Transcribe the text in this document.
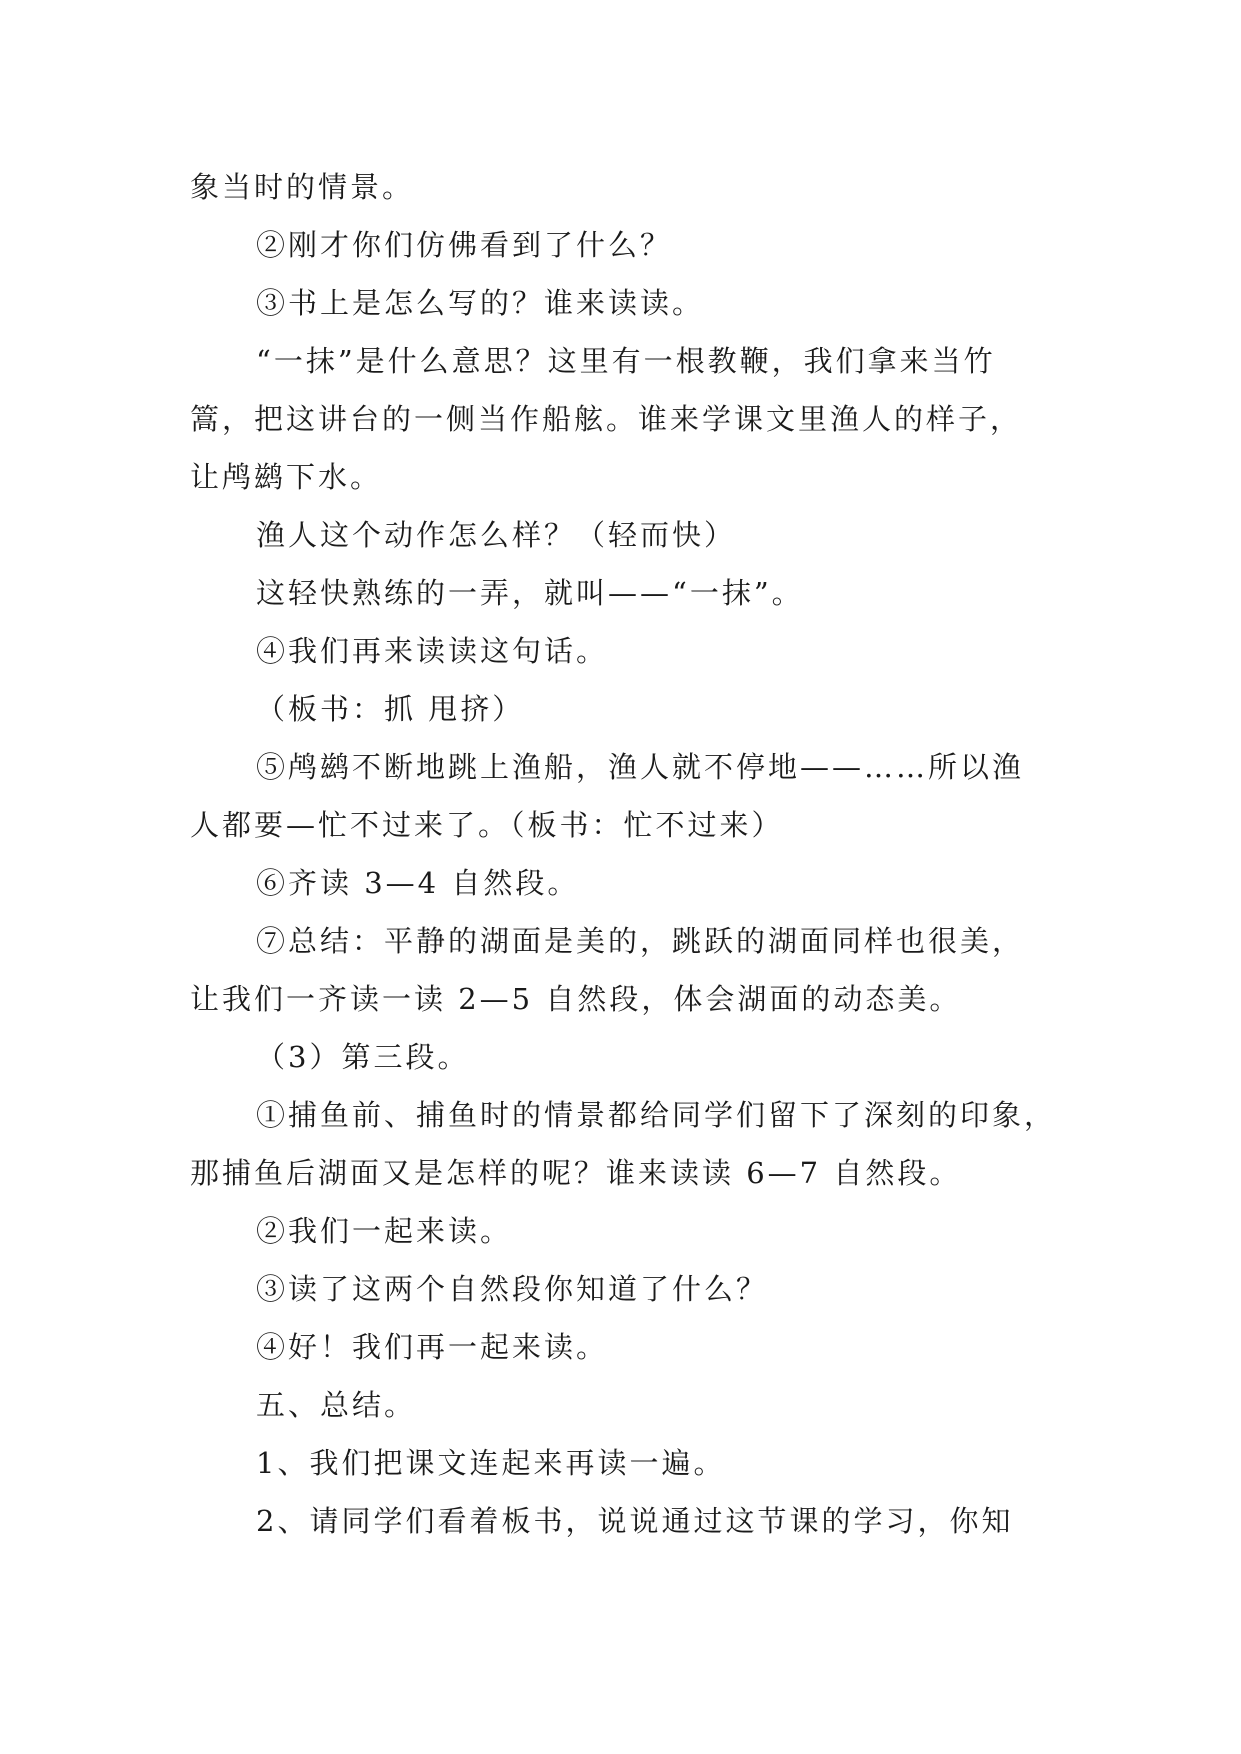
象当时的情景。
②刚才你们仿佛看到了什么？
③书上是怎么写的？谁来读读。
“一抹”是什么意思？这里有一根教鞭，我们拿来当竹
篙，把这讲台的一侧当作船舷。谁来学课文里渔人的样子，
让鸬鹚下水。
渔人这个动作怎么样？（轻而快）
这轻快熟练的一弄，就叫——“一抹”。
④我们再来读读这句话。
（板书：抓 甩挤）
⑤鸬鹚不断地跳上渔船，渔人就不停地——……所以渔
人都要—忙不过来了。（板书：忙不过来）
⑥齐读 3—4 自然段。
⑦总结：平静的湖面是美的，跳跃的湖面同样也很美，
让我们一齐读一读 2—5 自然段，体会湖面的动态美。
（3）第三段。
①捕鱼前、捕鱼时的情景都给同学们留下了深刻的印象，
那捕鱼后湖面又是怎样的呢？谁来读读 6—7 自然段。
②我们一起来读。
③读了这两个自然段你知道了什么？
④好！我们再一起来读。
五、总结。
1、我们把课文连起来再读一遍。
2、请同学们看着板书，说说通过这节课的学习，你知
